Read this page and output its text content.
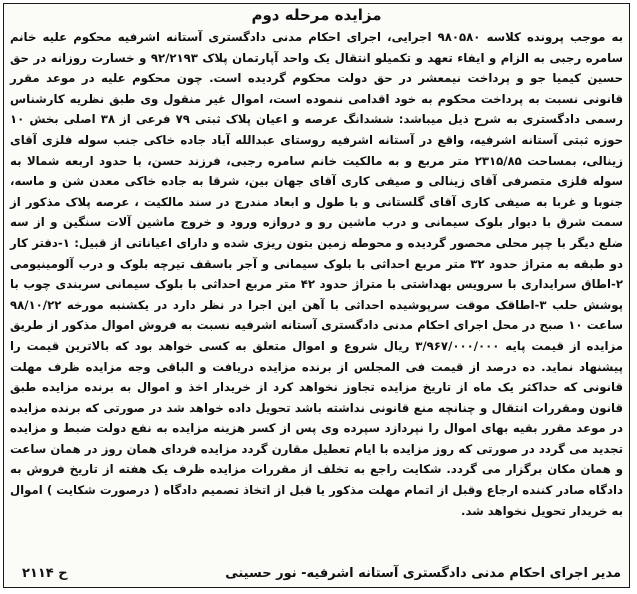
مزایده مرحله دوم
به موجب پرونده کلاسه ۹۸۰۵۸۰ اجرایی، اجرای احکام مدنی دادگستری آستانه اشرفیه محکوم علیه خانم سامره رجبی به الزام و ایفاء تعهد و تکمیلو انتقال یک واحد آپارتمان پلاک ۹۲/۲۱۹۳ و خسارت روزانه در حق حسین کیمیا جو و پرداخت نیمعشر در حق دولت محکوم گردیده است. چون محکوم علیه در موعد مقرر قانونی نسبت به پرداخت محکوم به خود اقدامی ننموده است، اموال غیر منقول وی طبق نظریه کارشناس رسمی دادگستری به شرح ذیل میباشد: ششدانگ عرصه و اعیان پلاک ثبتی ۷۹ فرعی از ۳۸ اصلی بخش ۱۰ حوزه ثبتی آستانه اشرفیه، واقع در آستانه اشرفیه روستای عبدالله آباد جاده خاکی جنب سوله فلزی آقای زینالی، بمساحت ۲۳۱۵/۸۵ متر مربع و به مالکیت خانم سامره رجبی، فرزند حسن، با حدود اربعه شمالا به سوله فلزی متصرفی آقای زینالی و صیفی کاری آقای جهان بین، شرقا به جاده خاکی معدن شن و ماسه، جنوبا و غربا به صیفی کاری آقای گلستانی و با طول و ابعاد مندرج در سند مالکیت ، عرصه پلاک مذکور از سمت شرق با دیوار بلوک سیمانی و درب ماشین رو و دروازه ورود و خروج ماشین آلات سنگین و از سه ضلع دیگر با چپر محلی محصور گردیده و محوطه زمین بتون ریزی شده و دارای اعیاناتی از قبیل: ۱-دفتر کار دو طبقه به متراژ حدود ۳۲ متر مربع احداثی با بلوک سیمانی و آجر باسقف تیرچه بلوک و درب آلومینیومی ۲-اطاق سرایداری با سرویس بهداشتی با متراژ حدود ۴۲ متر مربع احداثی با بلوک سیمانی سربندی چوب با پوشش حلب ۳-اطاقک موقت سرپوشیده احداثی با آهن این اجرا در نظر دارد در یکشنبه مورخه ۹۸/۱۰/۲۲ ساعت ۱۰ صبح در محل اجرای احکام مدنی دادگستری آستانه اشرفیه نسبت به فروش اموال مذکور از طریق مزایده از قیمت پایه ۳/۹۶۷/۰۰۰/۰۰۰ ریال شروع و اموال متعلق به کسی خواهد بود که بالاترین قیمت را پیشنهاد نماید. ده درصد از قیمت فی المجلس از برنده مزایده دریافت و الباقی وجه مزایده ظرف مهلت قانونی که حداکثر یک ماه از تاریخ مزایده تجاوز نخواهد کرد از خریدار اخذ و اموال به برنده مزایده طبق قانون ومقررات انتقال و چنانچه منع قانونی نداشته باشد تحویل داده خواهد شد در صورتی که برنده مزایده در موعد مقرر بقیه بهای اموال را نپردازد سپرده وی پس از کسر هزینه مزایده به نفع دولت ضبط و مزایده تجدید می گردد در صورتی که روز مزایده با ایام تعطیل مقارن گردد مزایده فردای همان روز در همان ساعت و همان مکان برگزار می گردد. شکایت راجع به تخلف از مقررات مزایده ظرف یک هفته از تاریخ فروش به دادگاه صادر کننده ارجاع وقبل از اتمام مهلت مذکور یا قبل از اتخاذ تصمیم دادگاه ( درصورت شکایت ) اموال به خریدار تحویل نخواهد شد.
مدیر اجرای احکام مدنی دادگستری آستانه اشرفیه- نور حسینی
ح ۲۱۱۴
